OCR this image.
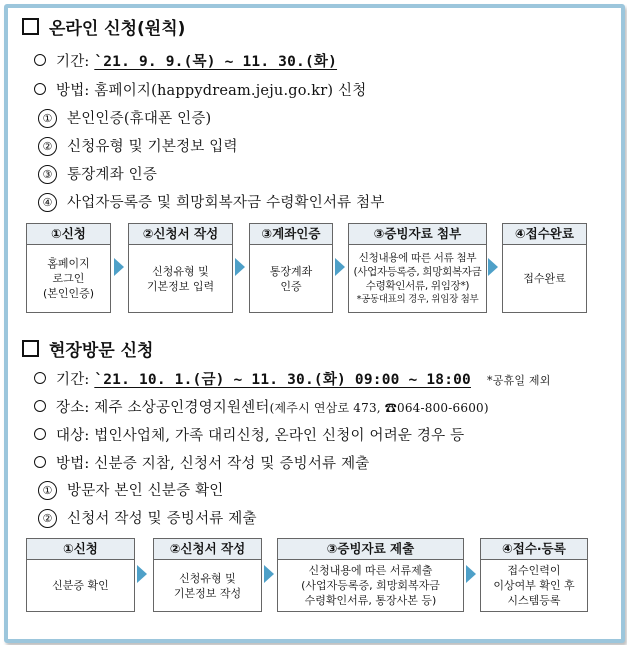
온라인 신청(원칙)
기간: `21. 9. 9.(목) ~ 11. 30.(화)
방법: 홈페이지(happydream.jeju.go.kr) 신청
① 본인인증(휴대폰 인증)
② 신청유형 및 기본정보 입력
③ 통장계좌 인증
④ 사업자등록증 및 희망회복자금 수령확인서류 첨부
①신청
홈페이지
로그인
(본인인증)
②신청서 작성
신청유형 및
기본정보 입력
③계좌인증
통장계좌
인증
③증빙자료 첨부
신청내용에 따른 서류 첨부
(사업자등록증, 희망회복자금
수령확인서류, 위임장*)
*공동대표의 경우, 위임장 첨부
④접수완료
접수완료
현장방문 신청
기간: `21. 10. 1.(금) ~ 11. 30.(화) 09:00 ~ 18:00 *공휴일 제외
장소: 제주 소상공인경영지원센터(제주시 연삼로 473, ☎064-800-6600)
대상: 법인사업체, 가족 대리신청, 온라인 신청이 어려운 경우 등
방법: 신분증 지참, 신청서 작성 및 증빙서류 제출
① 방문자 본인 신분증 확인
② 신청서 작성 및 증빙서류 제출
①신청
신분증 확인
②신청서 작성
신청유형 및
기본정보 작성
③증빙자료 제출
신청내용에 따른 서류제출
(사업자등록증, 희망회복자금
수령확인서류, 통장사본 등)
④접수·등록
접수인력이
이상여부 확인 후
시스템등록
